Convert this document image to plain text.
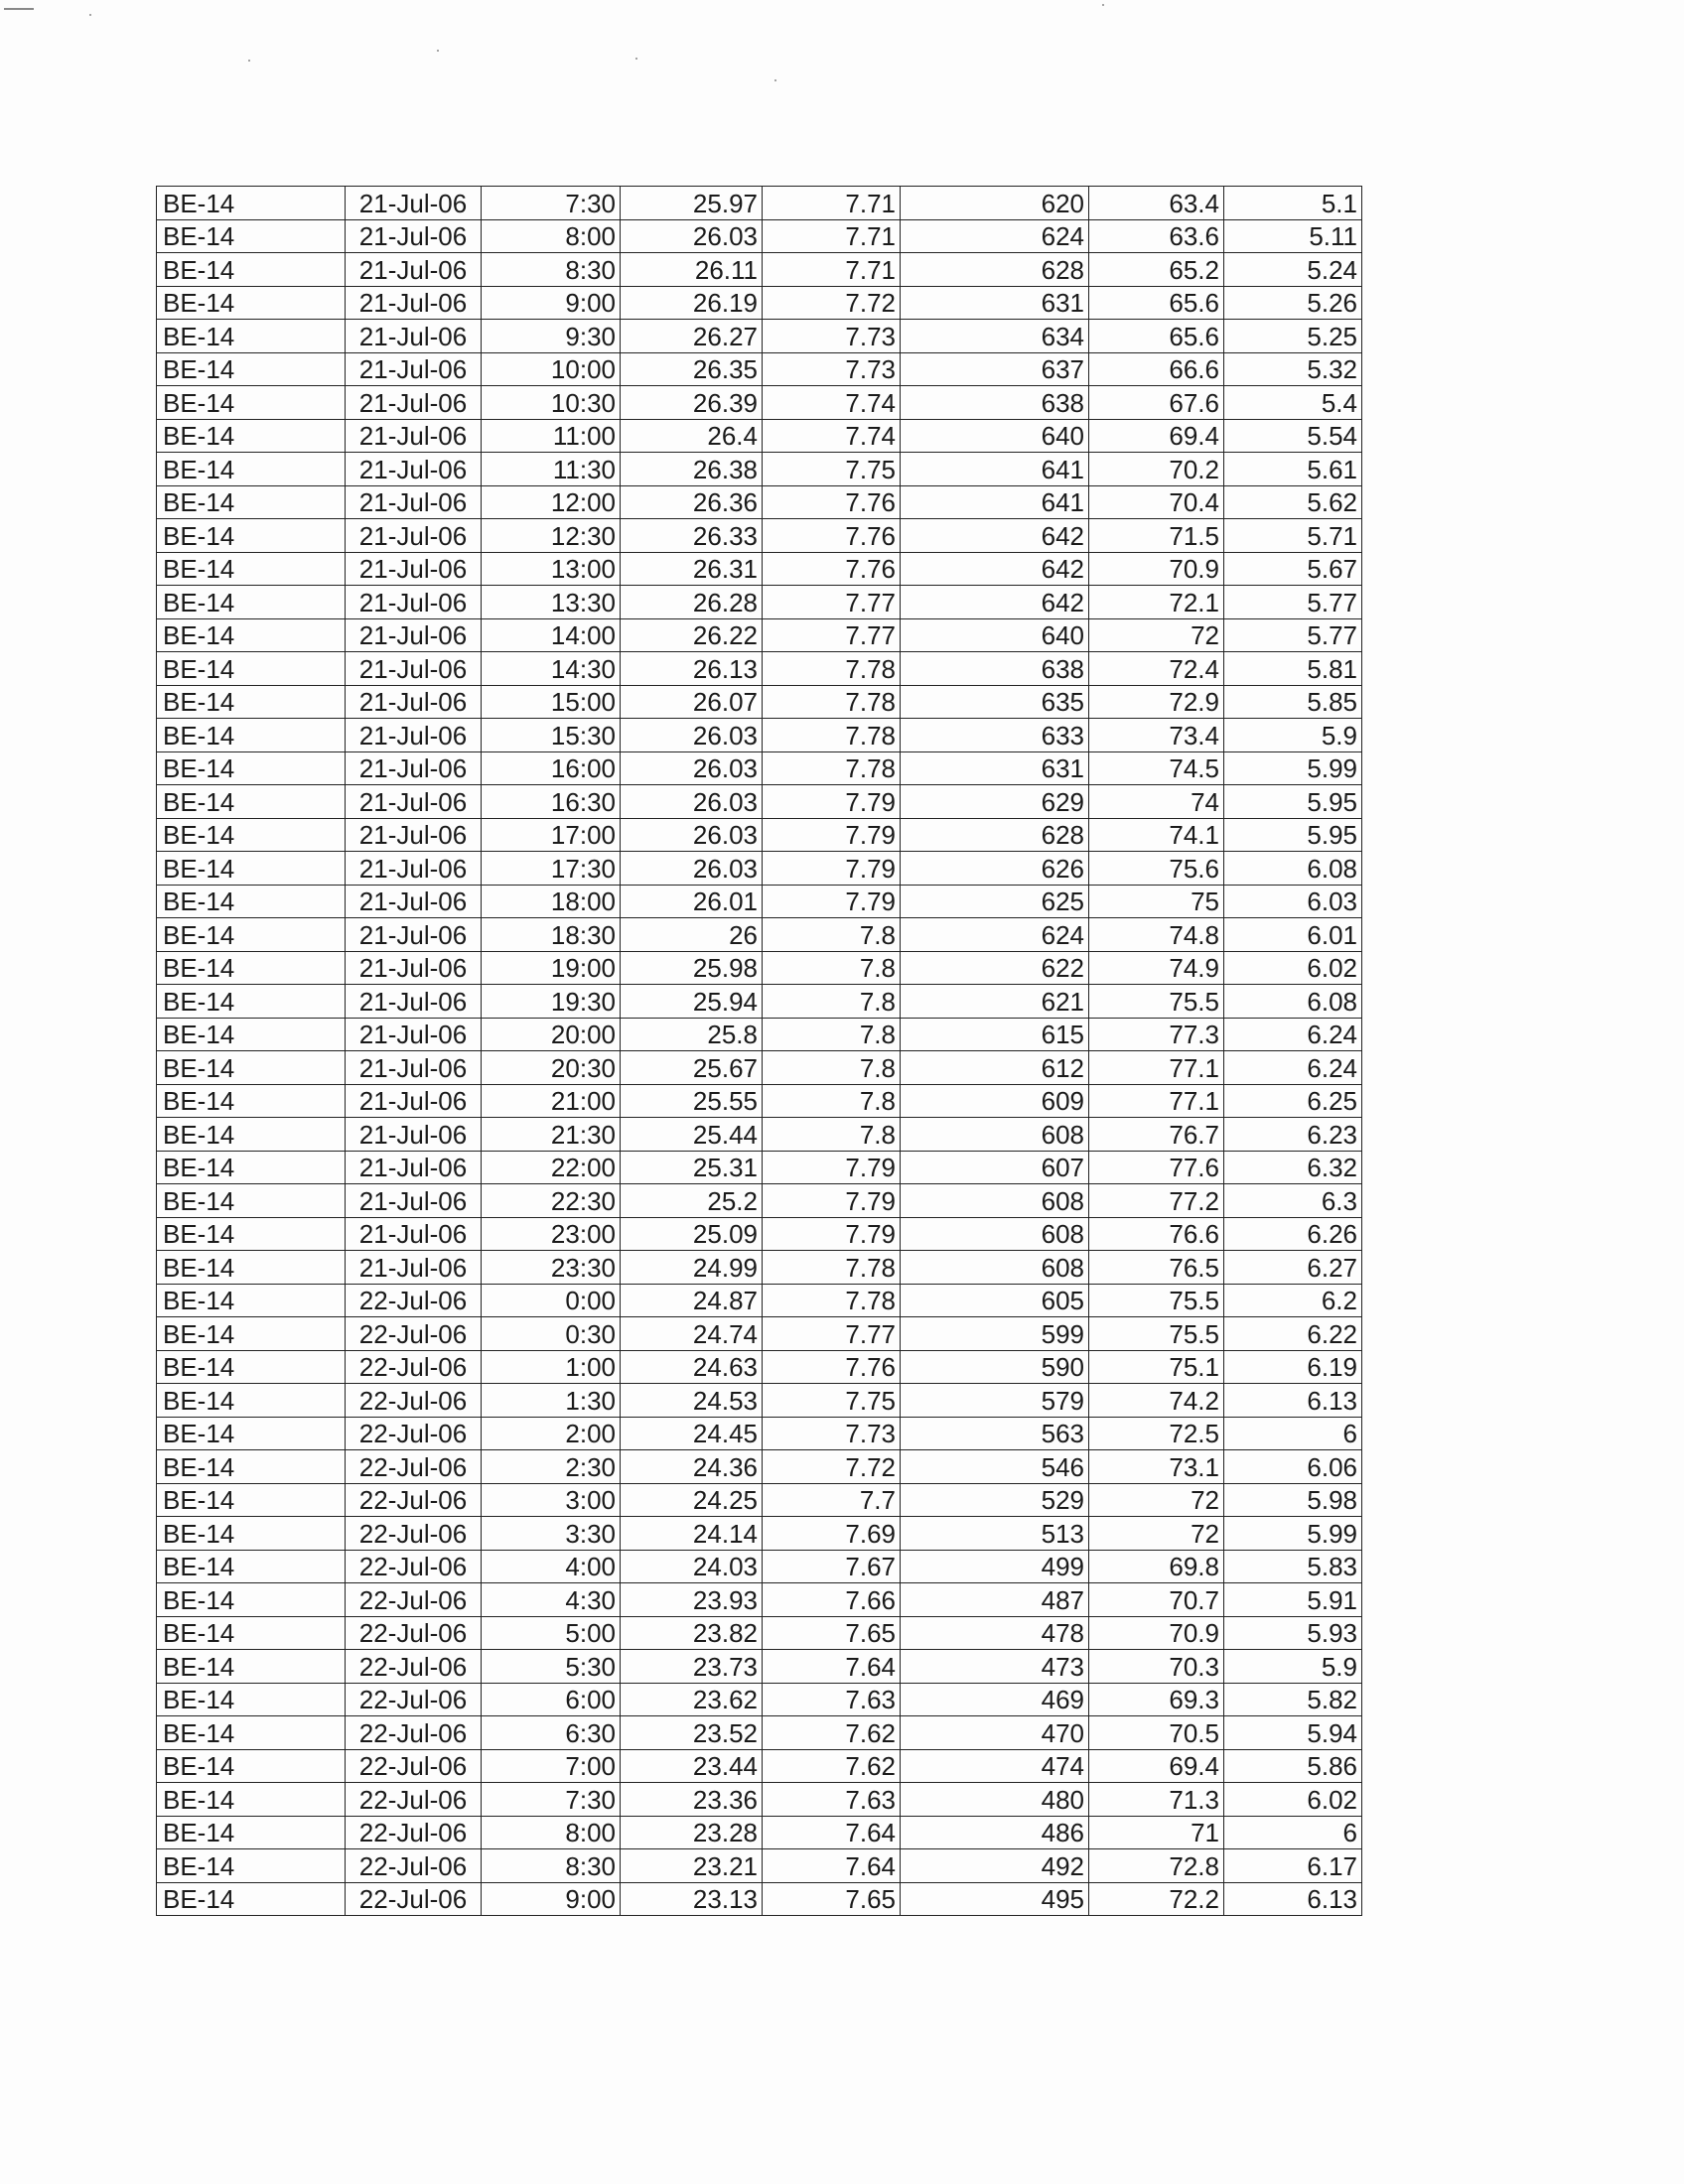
BE-14	21-Jul-06	7:30	25.97	7.71	620	63.4	5.1
BE-14	21-Jul-06	8:00	26.03	7.71	624	63.6	5.11
BE-14	21-Jul-06	8:30	26.11	7.71	628	65.2	5.24
BE-14	21-Jul-06	9:00	26.19	7.72	631	65.6	5.26
BE-14	21-Jul-06	9:30	26.27	7.73	634	65.6	5.25
BE-14	21-Jul-06	10:00	26.35	7.73	637	66.6	5.32
BE-14	21-Jul-06	10:30	26.39	7.74	638	67.6	5.4
BE-14	21-Jul-06	11:00	26.4	7.74	640	69.4	5.54
BE-14	21-Jul-06	11:30	26.38	7.75	641	70.2	5.61
BE-14	21-Jul-06	12:00	26.36	7.76	641	70.4	5.62
BE-14	21-Jul-06	12:30	26.33	7.76	642	71.5	5.71
BE-14	21-Jul-06	13:00	26.31	7.76	642	70.9	5.67
BE-14	21-Jul-06	13:30	26.28	7.77	642	72.1	5.77
BE-14	21-Jul-06	14:00	26.22	7.77	640	72	5.77
BE-14	21-Jul-06	14:30	26.13	7.78	638	72.4	5.81
BE-14	21-Jul-06	15:00	26.07	7.78	635	72.9	5.85
BE-14	21-Jul-06	15:30	26.03	7.78	633	73.4	5.9
BE-14	21-Jul-06	16:00	26.03	7.78	631	74.5	5.99
BE-14	21-Jul-06	16:30	26.03	7.79	629	74	5.95
BE-14	21-Jul-06	17:00	26.03	7.79	628	74.1	5.95
BE-14	21-Jul-06	17:30	26.03	7.79	626	75.6	6.08
BE-14	21-Jul-06	18:00	26.01	7.79	625	75	6.03
BE-14	21-Jul-06	18:30	26	7.8	624	74.8	6.01
BE-14	21-Jul-06	19:00	25.98	7.8	622	74.9	6.02
BE-14	21-Jul-06	19:30	25.94	7.8	621	75.5	6.08
BE-14	21-Jul-06	20:00	25.8	7.8	615	77.3	6.24
BE-14	21-Jul-06	20:30	25.67	7.8	612	77.1	6.24
BE-14	21-Jul-06	21:00	25.55	7.8	609	77.1	6.25
BE-14	21-Jul-06	21:30	25.44	7.8	608	76.7	6.23
BE-14	21-Jul-06	22:00	25.31	7.79	607	77.6	6.32
BE-14	21-Jul-06	22:30	25.2	7.79	608	77.2	6.3
BE-14	21-Jul-06	23:00	25.09	7.79	608	76.6	6.26
BE-14	21-Jul-06	23:30	24.99	7.78	608	76.5	6.27
BE-14	22-Jul-06	0:00	24.87	7.78	605	75.5	6.2
BE-14	22-Jul-06	0:30	24.74	7.77	599	75.5	6.22
BE-14	22-Jul-06	1:00	24.63	7.76	590	75.1	6.19
BE-14	22-Jul-06	1:30	24.53	7.75	579	74.2	6.13
BE-14	22-Jul-06	2:00	24.45	7.73	563	72.5	6
BE-14	22-Jul-06	2:30	24.36	7.72	546	73.1	6.06
BE-14	22-Jul-06	3:00	24.25	7.7	529	72	5.98
BE-14	22-Jul-06	3:30	24.14	7.69	513	72	5.99
BE-14	22-Jul-06	4:00	24.03	7.67	499	69.8	5.83
BE-14	22-Jul-06	4:30	23.93	7.66	487	70.7	5.91
BE-14	22-Jul-06	5:00	23.82	7.65	478	70.9	5.93
BE-14	22-Jul-06	5:30	23.73	7.64	473	70.3	5.9
BE-14	22-Jul-06	6:00	23.62	7.63	469	69.3	5.82
BE-14	22-Jul-06	6:30	23.52	7.62	470	70.5	5.94
BE-14	22-Jul-06	7:00	23.44	7.62	474	69.4	5.86
BE-14	22-Jul-06	7:30	23.36	7.63	480	71.3	6.02
BE-14	22-Jul-06	8:00	23.28	7.64	486	71	6
BE-14	22-Jul-06	8:30	23.21	7.64	492	72.8	6.17
BE-14	22-Jul-06	9:00	23.13	7.65	495	72.2	6.13
